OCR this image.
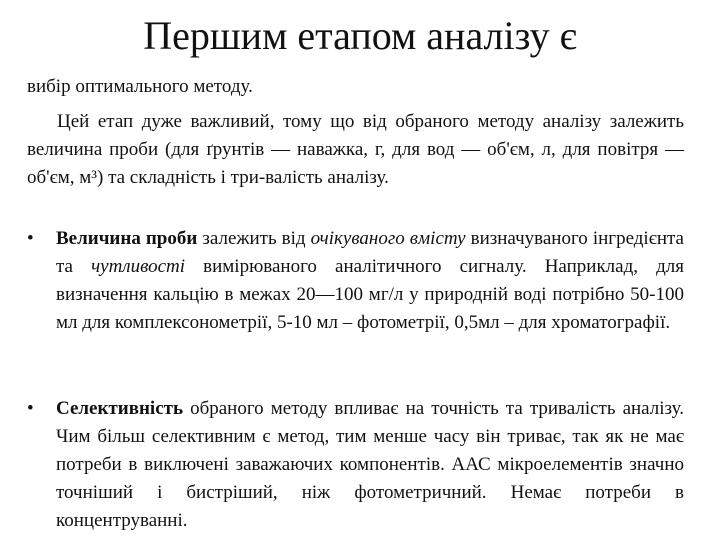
Першим етапом аналізу є

вибір оптимального методу.

Цей етап дуже важливий, тому що від обраного методу аналізу залежить величина проби (для ґрунтів — наважка, г, для вод — об'єм, л, для повітря — об'єм, м³) та складність і три-валість аналізу.

•	Величина проби залежить від очікуваного вмісту визначуваного інгредієнта та чутливості вимірюваного аналітичного сигналу. Наприклад, для визначення кальцію в межах 20—100 мг/л у природній воді потрібно 50-100 мл для комплексонометрії, 5-10 мл – фотометрії, 0,5мл – для хроматографії.

•	Селективність обраного методу впливає на точність та тривалість аналізу. Чим більш селективним є метод, тим менше часу він триває, так як не має потреби в виключені заважаючих компонентів. ААС мікроелементів значно точніший і бистріший, ніж фотометричний. Немає потреби в концентруванні.
